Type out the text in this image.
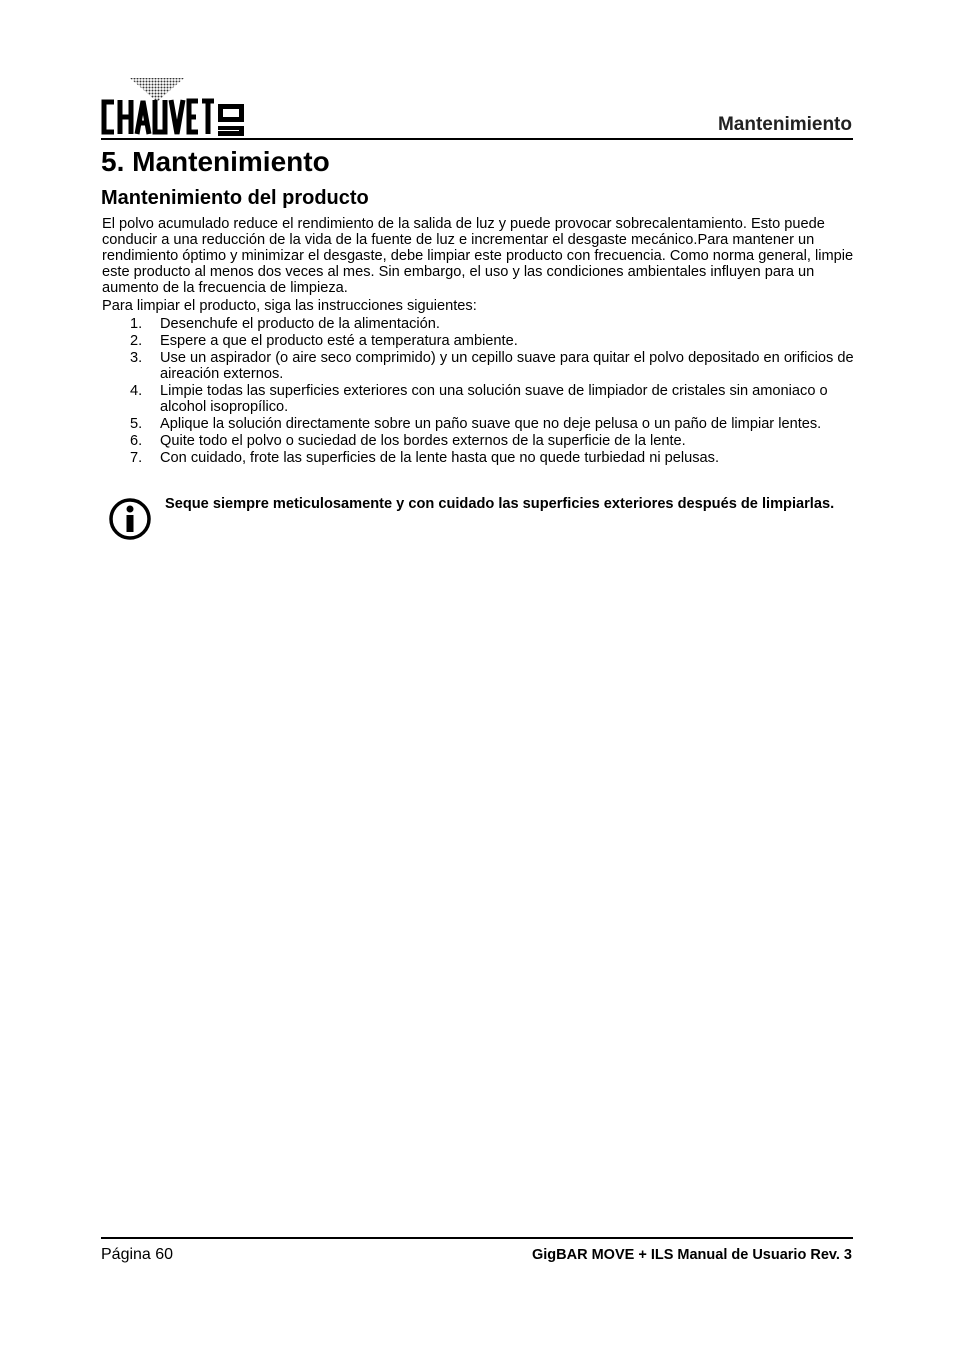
Mantenimiento
5. Mantenimiento
Mantenimiento del producto

El polvo acumulado reduce el rendimiento de la salida de luz y puede provocar sobrecalentamiento. Esto puede conducir a una reducción de la vida de la fuente de luz e incrementar el desgaste mecánico.Para mantener un rendimiento óptimo y minimizar el desgaste, debe limpiar este producto con frecuencia. Como norma general, limpie este producto al menos dos veces al mes. Sin embargo, el uso y las condiciones ambientales influyen para un aumento de la frecuencia de limpieza.

Para limpiar el producto, siga las instrucciones siguientes:

1. Desenchufe el producto de la alimentación.
2. Espere a que el producto esté a temperatura ambiente.
3. Use un aspirador (o aire seco comprimido) y un cepillo suave para quitar el polvo depositado en orificios de aireación externos.
4. Limpie todas las superficies exteriores con una solución suave de limpiador de cristales sin amoniaco o alcohol isopropílico.
5. Aplique la solución directamente sobre un paño suave que no deje pelusa o un paño de limpiar lentes.
6. Quite todo el polvo o suciedad de los bordes externos de la superficie de la lente.
7. Con cuidado, frote las superficies de la lente hasta que no quede turbiedad ni pelusas.
Seque siempre meticulosamente y con cuidado las superficies exteriores después de limpiarlas.
Página 60	GigBAR MOVE + ILS Manual de Usuario Rev. 3
